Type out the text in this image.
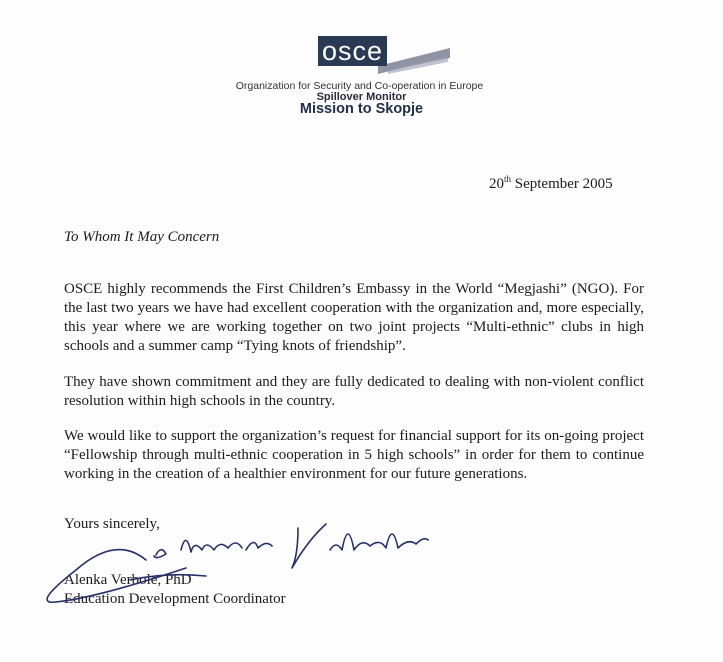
osce
Organization for Security and Co-operation in Europe
Spillover Monitor
Mission to Skopje
20th September 2005
To Whom It May Concern
OSCE highly recommends the First Children’s Embassy in the World “Megjashi” (NGO). For the last two years we have had excellent cooperation with the organization and, more especially, this year where we are working together on two joint projects “Multi-ethnic” clubs in high schools and a summer camp “Tying knots of friendship”.
They have shown commitment and they are fully dedicated to dealing with non-violent conflict resolution within high schools in the country.
We would like to support the organization’s request for financial support for its on-going project “Fellowship through multi-ethnic cooperation in 5 high schools” in order for them to continue working in the creation of a healthier environment for our future generations.
Yours sincerely,
Alenka Verbole, PhD
Education Development Coordinator
